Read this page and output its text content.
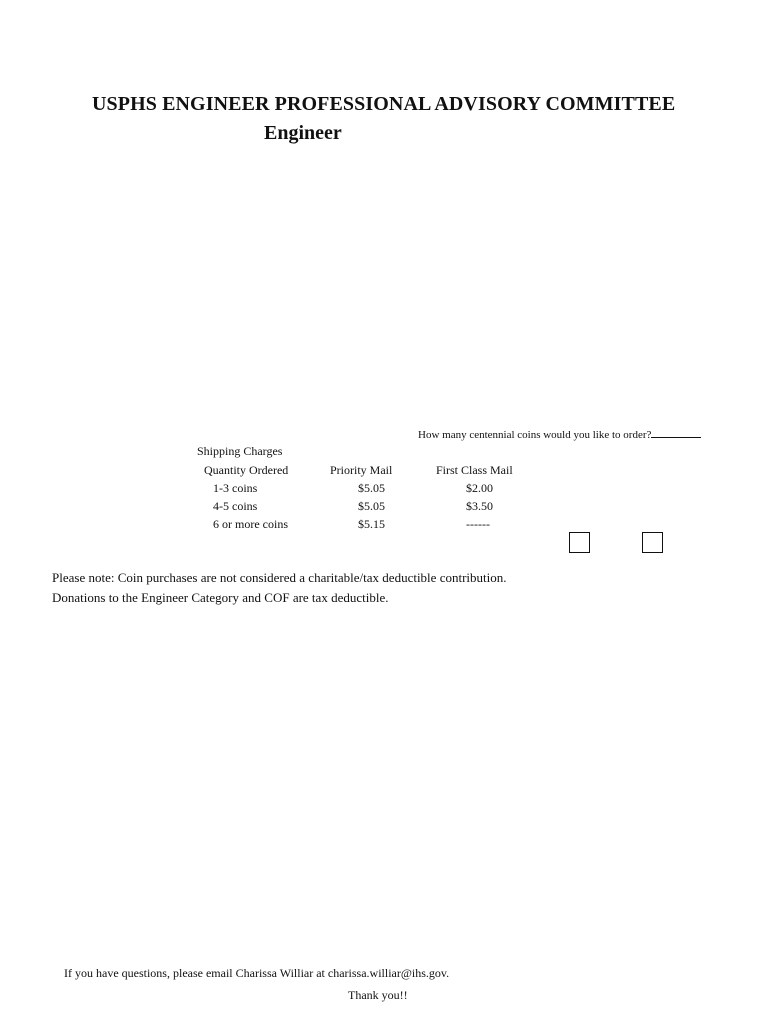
USPHS ENGINEER PROFESSIONAL ADVISORY COMMITTEE
Engineer
How many centennial coins would you like to order?
Shipping Charges
Quantity Ordered
1-3 coins
4-5 coins
6 or more coins
Priority Mail
$5.05
$5.05
$5.15
First Class Mail
$2.00
$3.50
------
Please note: Coin purchases are not considered a charitable/tax deductible contribution.
Donations to the Engineer Category and COF are tax deductible.
If you have questions, please email Charissa Williar at charissa.williar@ihs.gov.
Thank you!!
